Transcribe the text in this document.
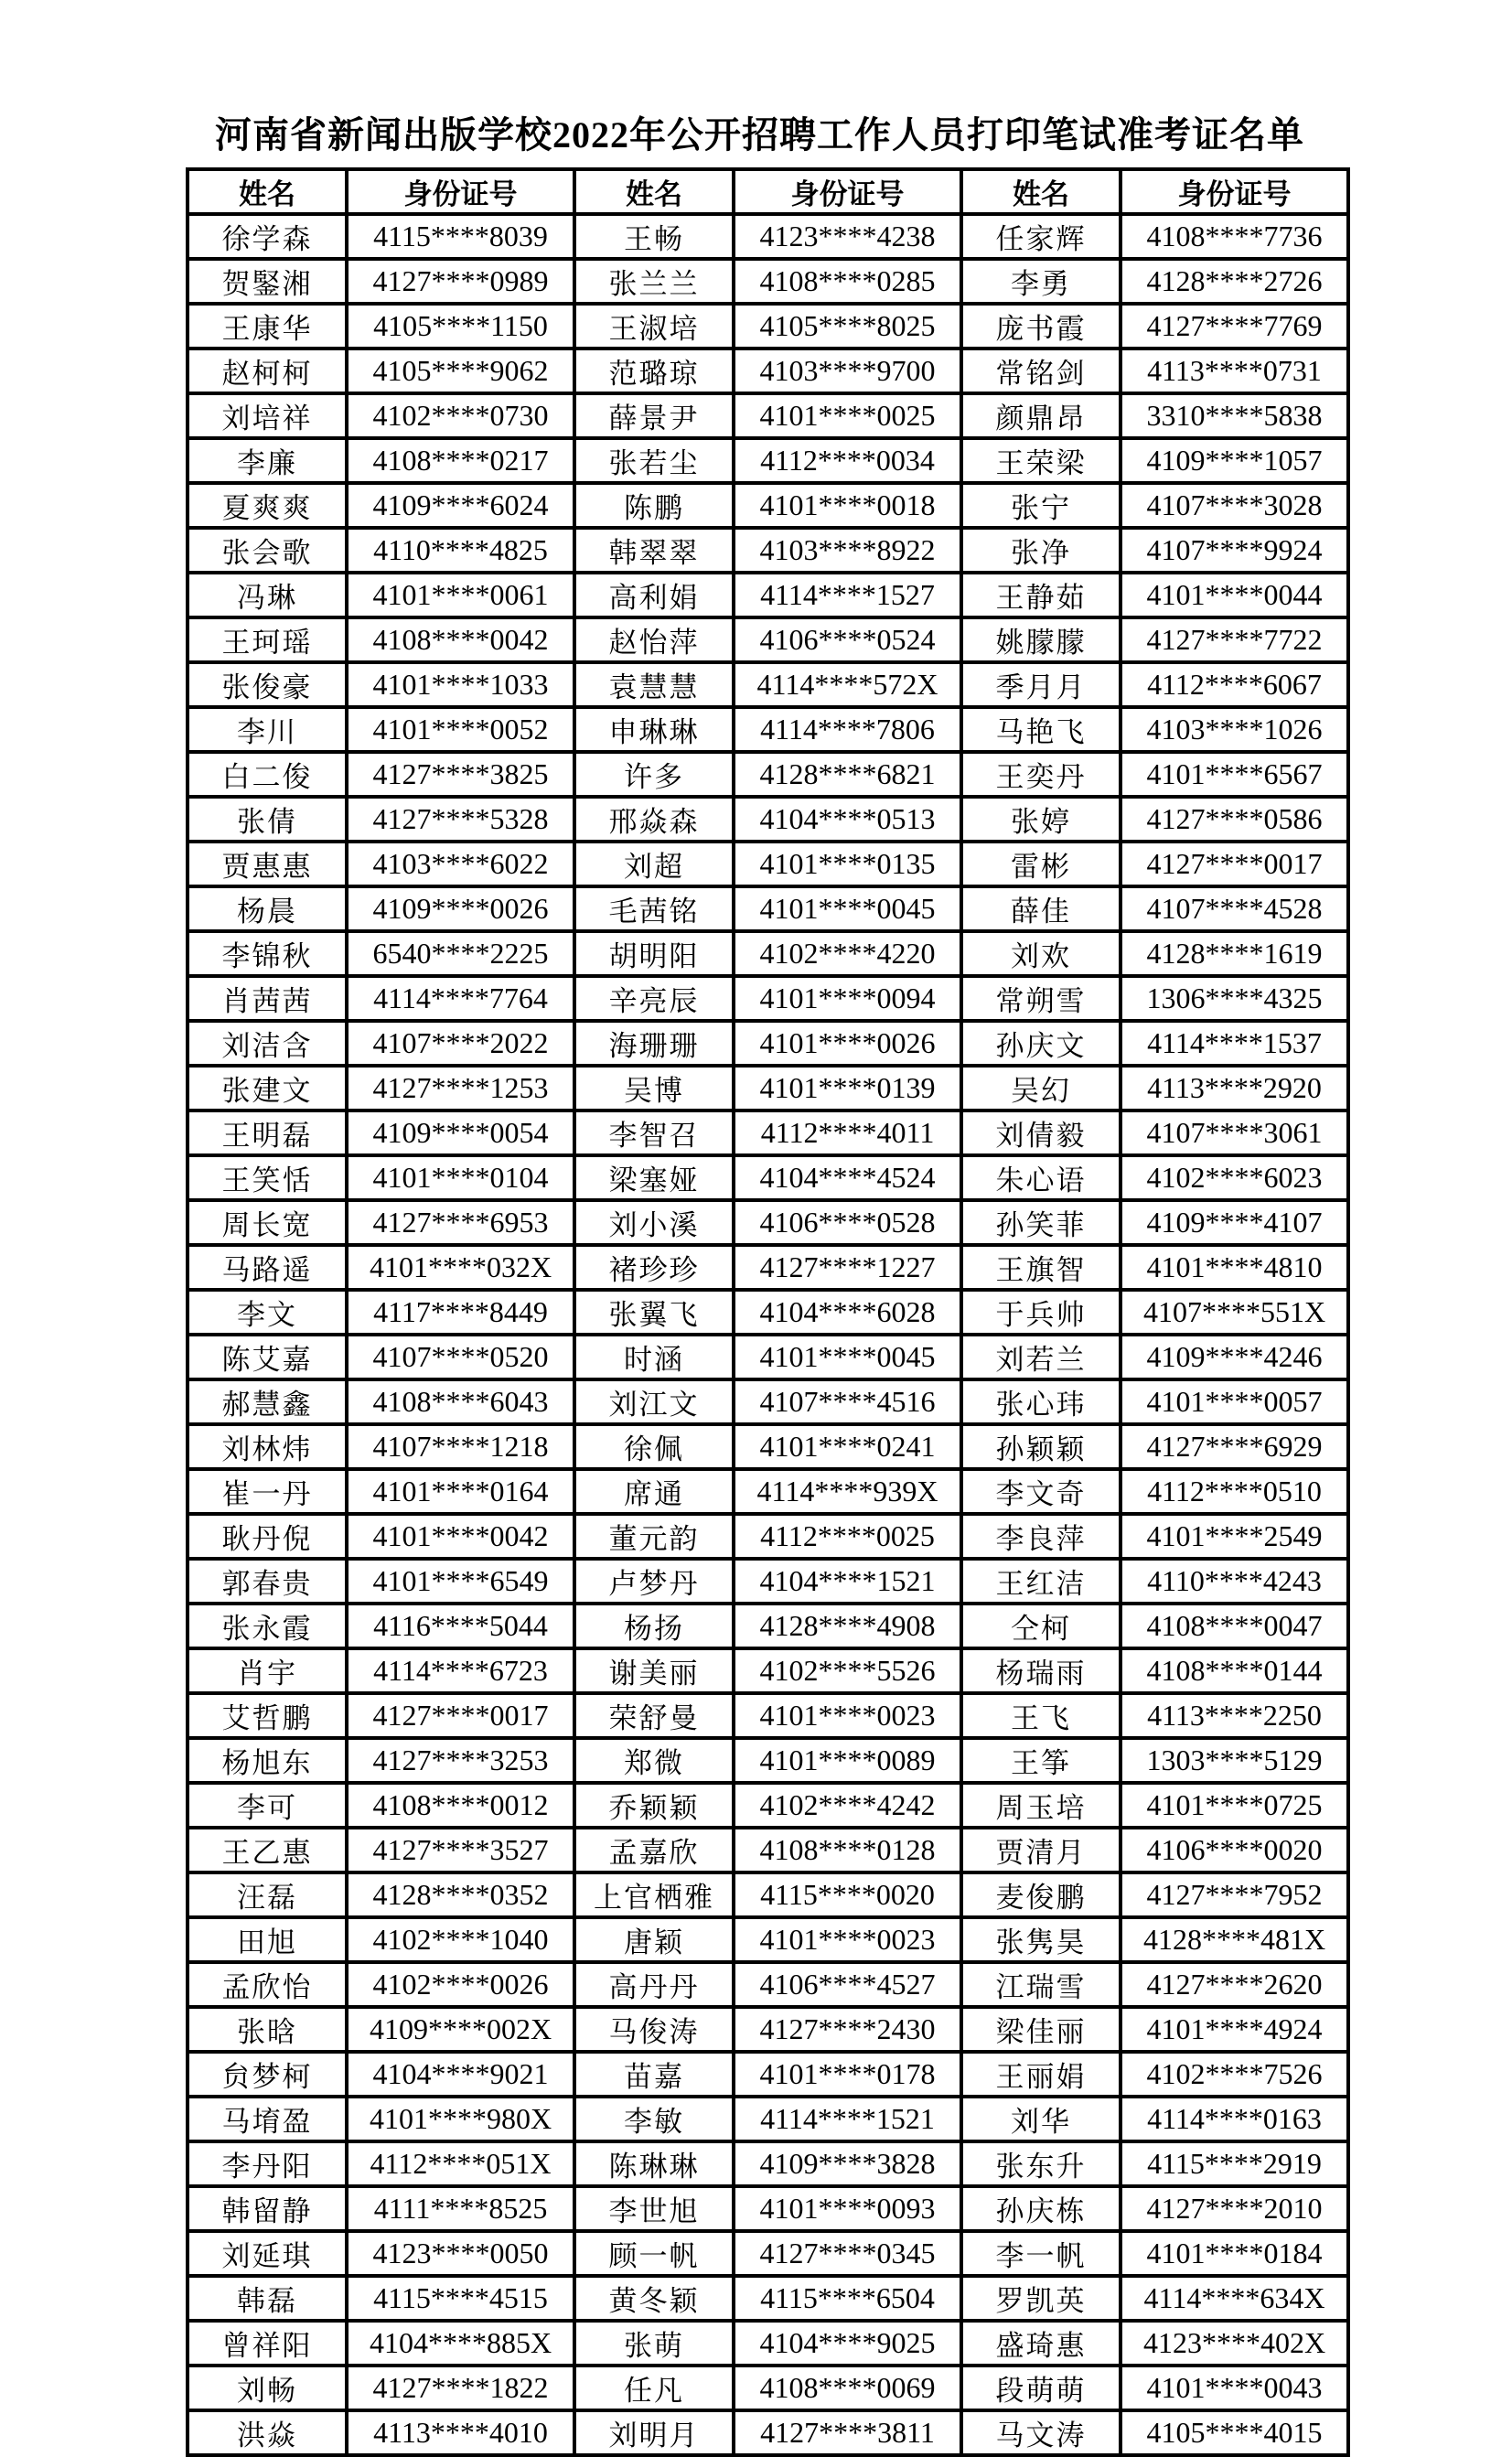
河南省新闻出版学校2022年公开招聘工作人员打印笔试准考证名单
姓名	身份证号	姓名	身份证号	姓名	身份证号
徐学森	4115****8039	王畅	4123****4238	任家辉	4108****7736
贺鋻湘	4127****0989	张兰兰	4108****0285	李勇	4128****2726
王康华	4105****1150	王淑培	4105****8025	庞书霞	4127****7769
赵柯柯	4105****9062	范璐琼	4103****9700	常铭剑	4113****0731
刘培祥	4102****0730	薛景尹	4101****0025	颜鼎昂	3310****5838
李廉	4108****0217	张若尘	4112****0034	王荣梁	4109****1057
夏爽爽	4109****6024	陈鹏	4101****0018	张宁	4107****3028
张会歌	4110****4825	韩翠翠	4103****8922	张净	4107****9924
冯琳	4101****0061	高利娟	4114****1527	王静茹	4101****0044
王珂瑶	4108****0042	赵怡萍	4106****0524	姚朦朦	4127****7722
张俊豪	4101****1033	袁慧慧	4114****572X	季月月	4112****6067
李川	4101****0052	申琳琳	4114****7806	马艳飞	4103****1026
白二俊	4127****3825	许多	4128****6821	王奕丹	4101****6567
张倩	4127****5328	邢焱森	4104****0513	张婷	4127****0586
贾惠惠	4103****6022	刘超	4101****0135	雷彬	4127****0017
杨晨	4109****0026	毛茜铭	4101****0045	薛佳	4107****4528
李锦秋	6540****2225	胡明阳	4102****4220	刘欢	4128****1619
肖茜茜	4114****7764	辛亮辰	4101****0094	常朔雪	1306****4325
刘洁含	4107****2022	海珊珊	4101****0026	孙庆文	4114****1537
张建文	4127****1253	吴博	4101****0139	吴幻	4113****2920
王明磊	4109****0054	李智召	4112****4011	刘倩毅	4107****3061
王笑恬	4101****0104	梁塞娅	4104****4524	朱心语	4102****6023
周长宽	4127****6953	刘小溪	4106****0528	孙笑菲	4109****4107
马路遥	4101****032X	褚珍珍	4127****1227	王旗智	4101****4810
李文	4117****8449	张翼飞	4104****6028	于兵帅	4107****551X
陈艾嘉	4107****0520	时涵	4101****0045	刘若兰	4109****4246
郝慧鑫	4108****6043	刘江文	4107****4516	张心玮	4101****0057
刘林炜	4107****1218	徐佩	4101****0241	孙颖颖	4127****6929
崔一丹	4101****0164	席通	4114****939X	李文奇	4112****0510
耿丹倪	4101****0042	董元韵	4112****0025	李良萍	4101****2549
郭春贵	4101****6549	卢梦丹	4104****1521	王红洁	4110****4243
张永霞	4116****5044	杨扬	4128****4908	仝柯	4108****0047
肖宇	4114****6723	谢美丽	4102****5526	杨瑞雨	4108****0144
艾哲鹏	4127****0017	荣舒曼	4101****0023	王飞	4113****2250
杨旭东	4127****3253	郑微	4101****0089	王筝	1303****5129
李可	4108****0012	乔颖颖	4102****4242	周玉培	4101****0725
王乙惠	4127****3527	孟嘉欣	4108****0128	贾清月	4106****0020
汪磊	4128****0352	上官栖雅	4115****0020	麦俊鹏	4127****7952
田旭	4102****1040	唐颖	4101****0023	张隽昊	4128****481X
孟欣怡	4102****0026	高丹丹	4106****4527	江瑞雪	4127****2620
张晗	4109****002X	马俊涛	4127****2430	梁佳丽	4101****4924
贠梦柯	4104****9021	苗嘉	4101****0178	王丽娟	4102****7526
马堉盈	4101****980X	李敏	4114****1521	刘华	4114****0163
李丹阳	4112****051X	陈琳琳	4109****3828	张东升	4115****2919
韩留静	4111****8525	李世旭	4101****0093	孙庆栋	4127****2010
刘延琪	4123****0050	顾一帆	4127****0345	李一帆	4101****0184
韩磊	4115****4515	黄冬颖	4115****6504	罗凯英	4114****634X
曾祥阳	4104****885X	张萌	4104****9025	盛琦惠	4123****402X
刘畅	4127****1822	任凡	4108****0069	段萌萌	4101****0043
洪焱	4113****4010	刘明月	4127****3811	马文涛	4105****4015
